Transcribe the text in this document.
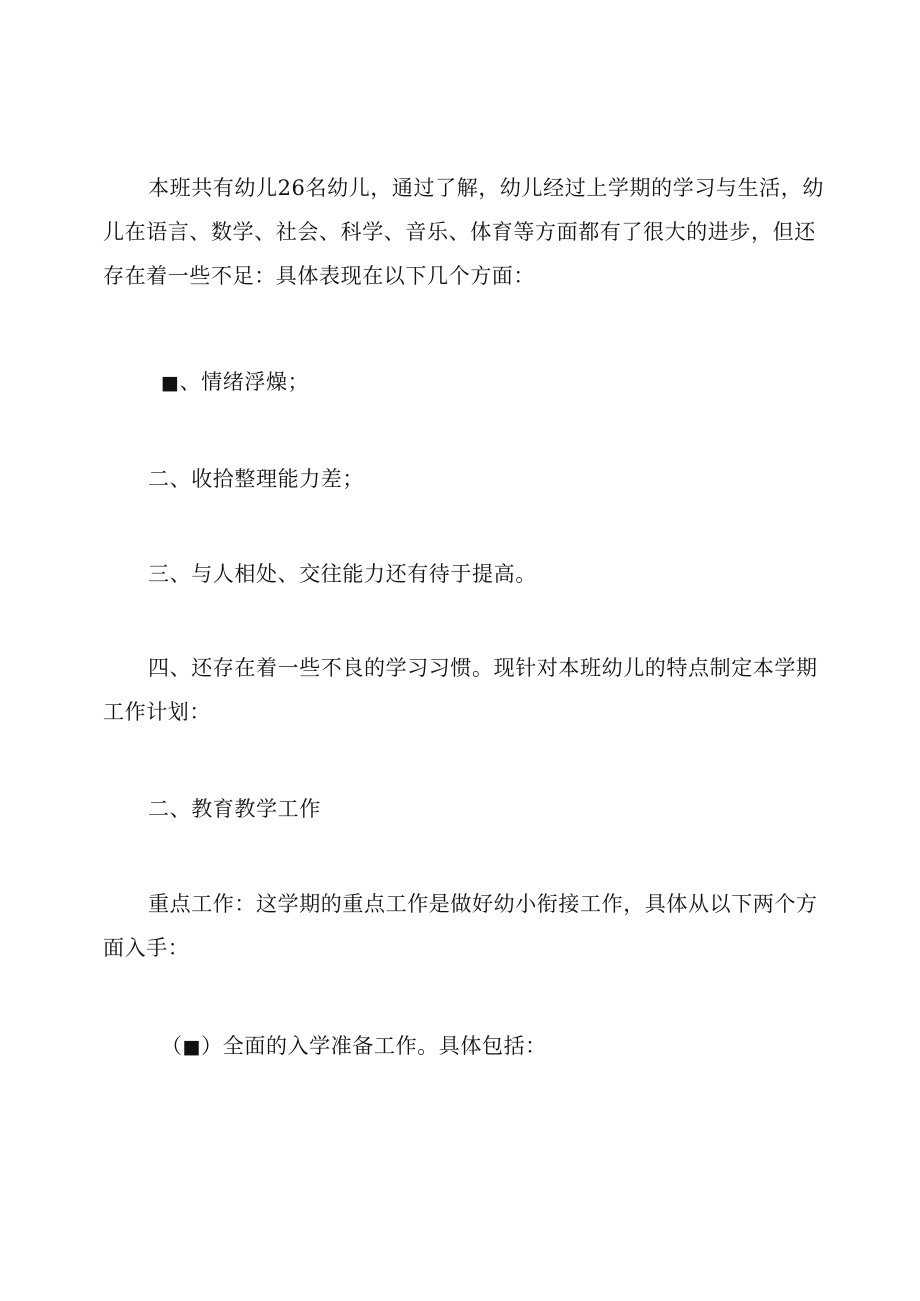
本班共有幼儿26名幼儿，通过了解，幼儿经过上学期的学习与生活，幼
儿在语言、数学、社会、科学、音乐、体育等方面都有了很大的进步，但还
存在着一些不足：具体表现在以下几个方面：

■、情绪浮燥；

二、收拾整理能力差；

三、与人相处、交往能力还有待于提高。

四、还存在着一些不良的学习习惯。现针对本班幼儿的特点制定本学期
工作计划：

二、教育教学工作

重点工作：这学期的重点工作是做好幼小衔接工作，具体从以下两个方
面入手：

（■）全面的入学准备工作。具体包括：
